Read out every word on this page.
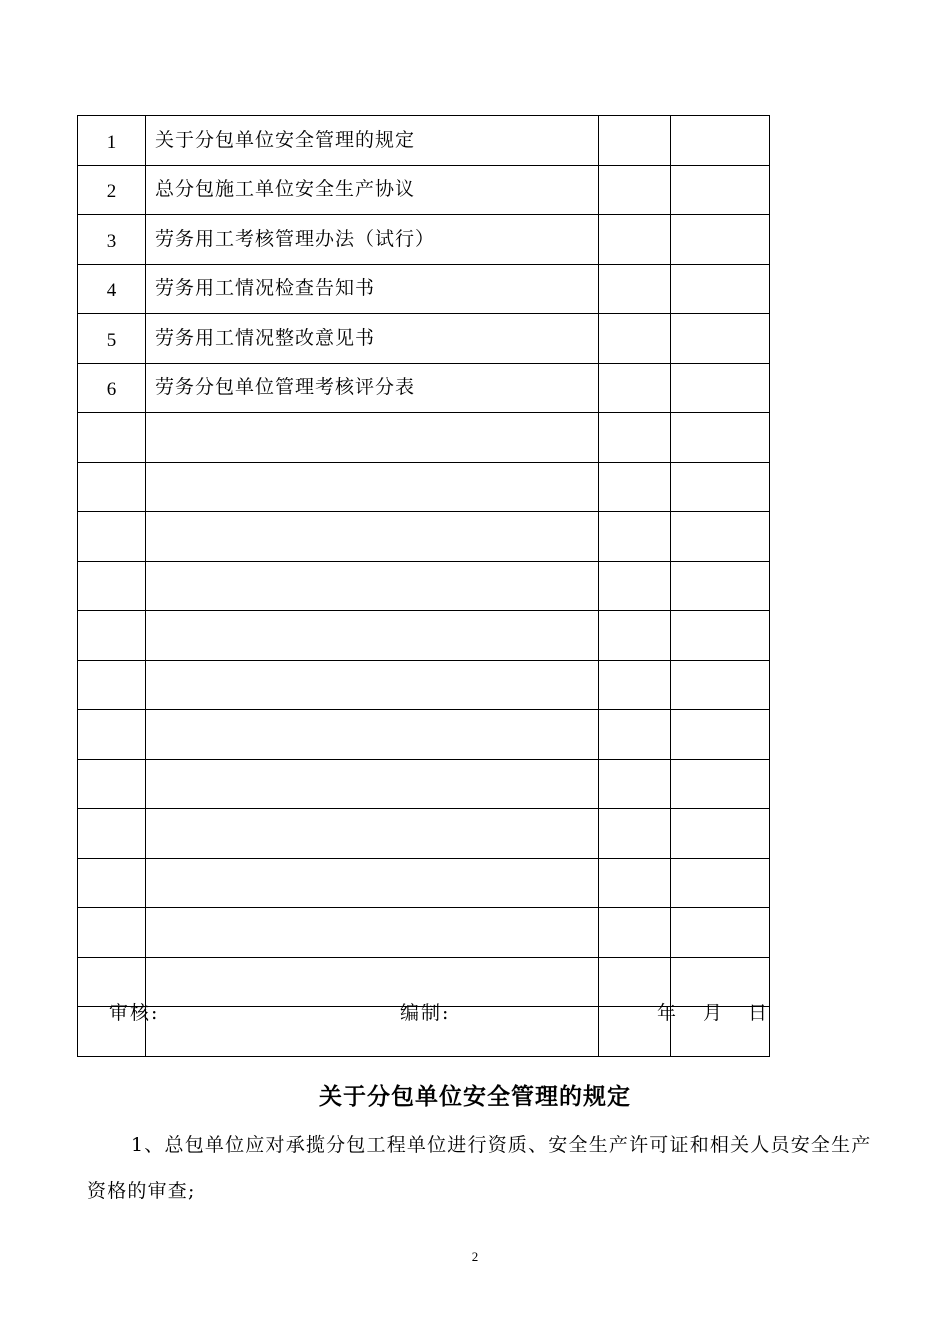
1	关于分包单位安全管理的规定		
2	总分包施工单位安全生产协议		
3	劳务用工考核管理办法（试行）		
4	劳务用工情况检查告知书		
5	劳务用工情况整改意见书		
6	劳务分包单位管理考核评分表		

审核:	编制:	年 月 日
关于分包单位安全管理的规定
1、总包单位应对承揽分包工程单位进行资质、安全生产许可证和相关人员安全生产资格的审查;
2
